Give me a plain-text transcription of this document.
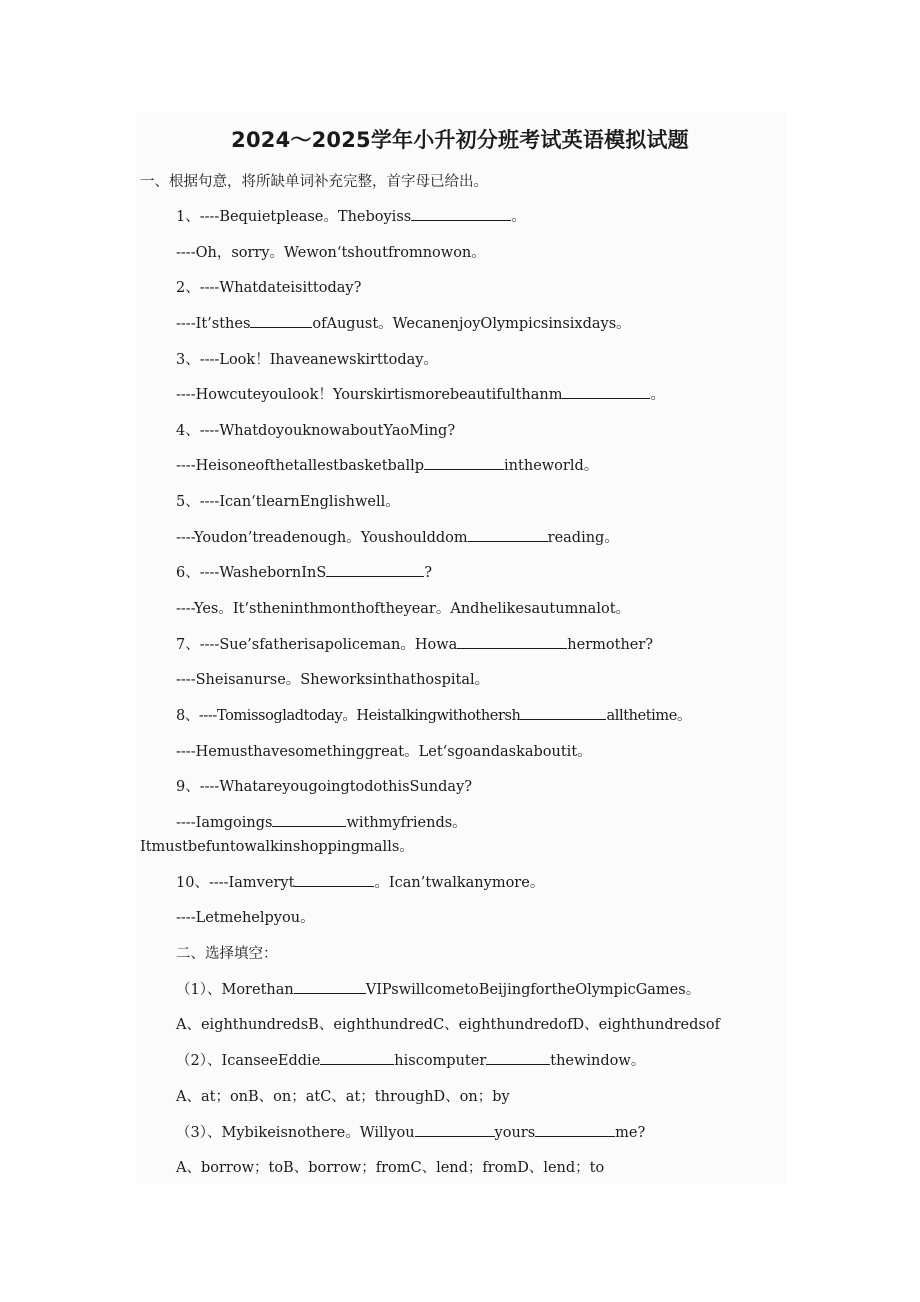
2024～2025学年小升初分班考试英语模拟试题
一、根据句意，将所缺单词补充完整，首字母已给出。
1、----Bequietplease。Theboyiss	。
----Oh，sorry。Wewon‘tshoutfromnowon。
2、----Whatdateisittoday?
----It’sthes	ofAugust。WecanenjoyOlympicsinsixdays。
3、----Look！Ihaveanewskirttoday。
----Howcuteyoulook！Yourskirtismorebeautifulthanm	。
4、----WhatdoyouknowaboutYaoMing?
----Heisoneofthetallestbasketballp	intheworld。
5、----Ican‘tlearnEnglishwell。
----Youdon’treadenough。Youshoulddom	reading。
6、----WashebornInS	?
----Yes。It‘stheninthmonthoftheyear。Andhelikesautumnalot。
7、----Sue’sfatherisapoliceman。Howa	hermother?
----Sheisanurse。Sheworksinthathospital。
8、----Tomissogladtoday。Heistalkingwithothersh	allthetime。
----Hemusthavesomethinggreat。Let‘sgoandaskaboutit。
9、----WhatareyougoingtodothisSunday?
----Iamgoings	withmyfriends。
Itmustbefuntowalkinshoppingmalls。
10、----Iamveryt	。Ican’twalkanymore。
----Letmehelpyou。
二、选择填空：
（1）、Morethan	VIPswillcometoBeijingfortheOlympicGames。
A、eighthundredsB、eighthundredC、eighthundredofD、eighthundredsof
（2）、IcanseeEddie	hiscomputer	thewindow。
A、at；onB、on；atC、at；throughD、on；by
（3）、Mybikeisnothere。Willyou	yours	me?
A、borrow；toB、borrow；fromC、lend；fromD、lend；to
